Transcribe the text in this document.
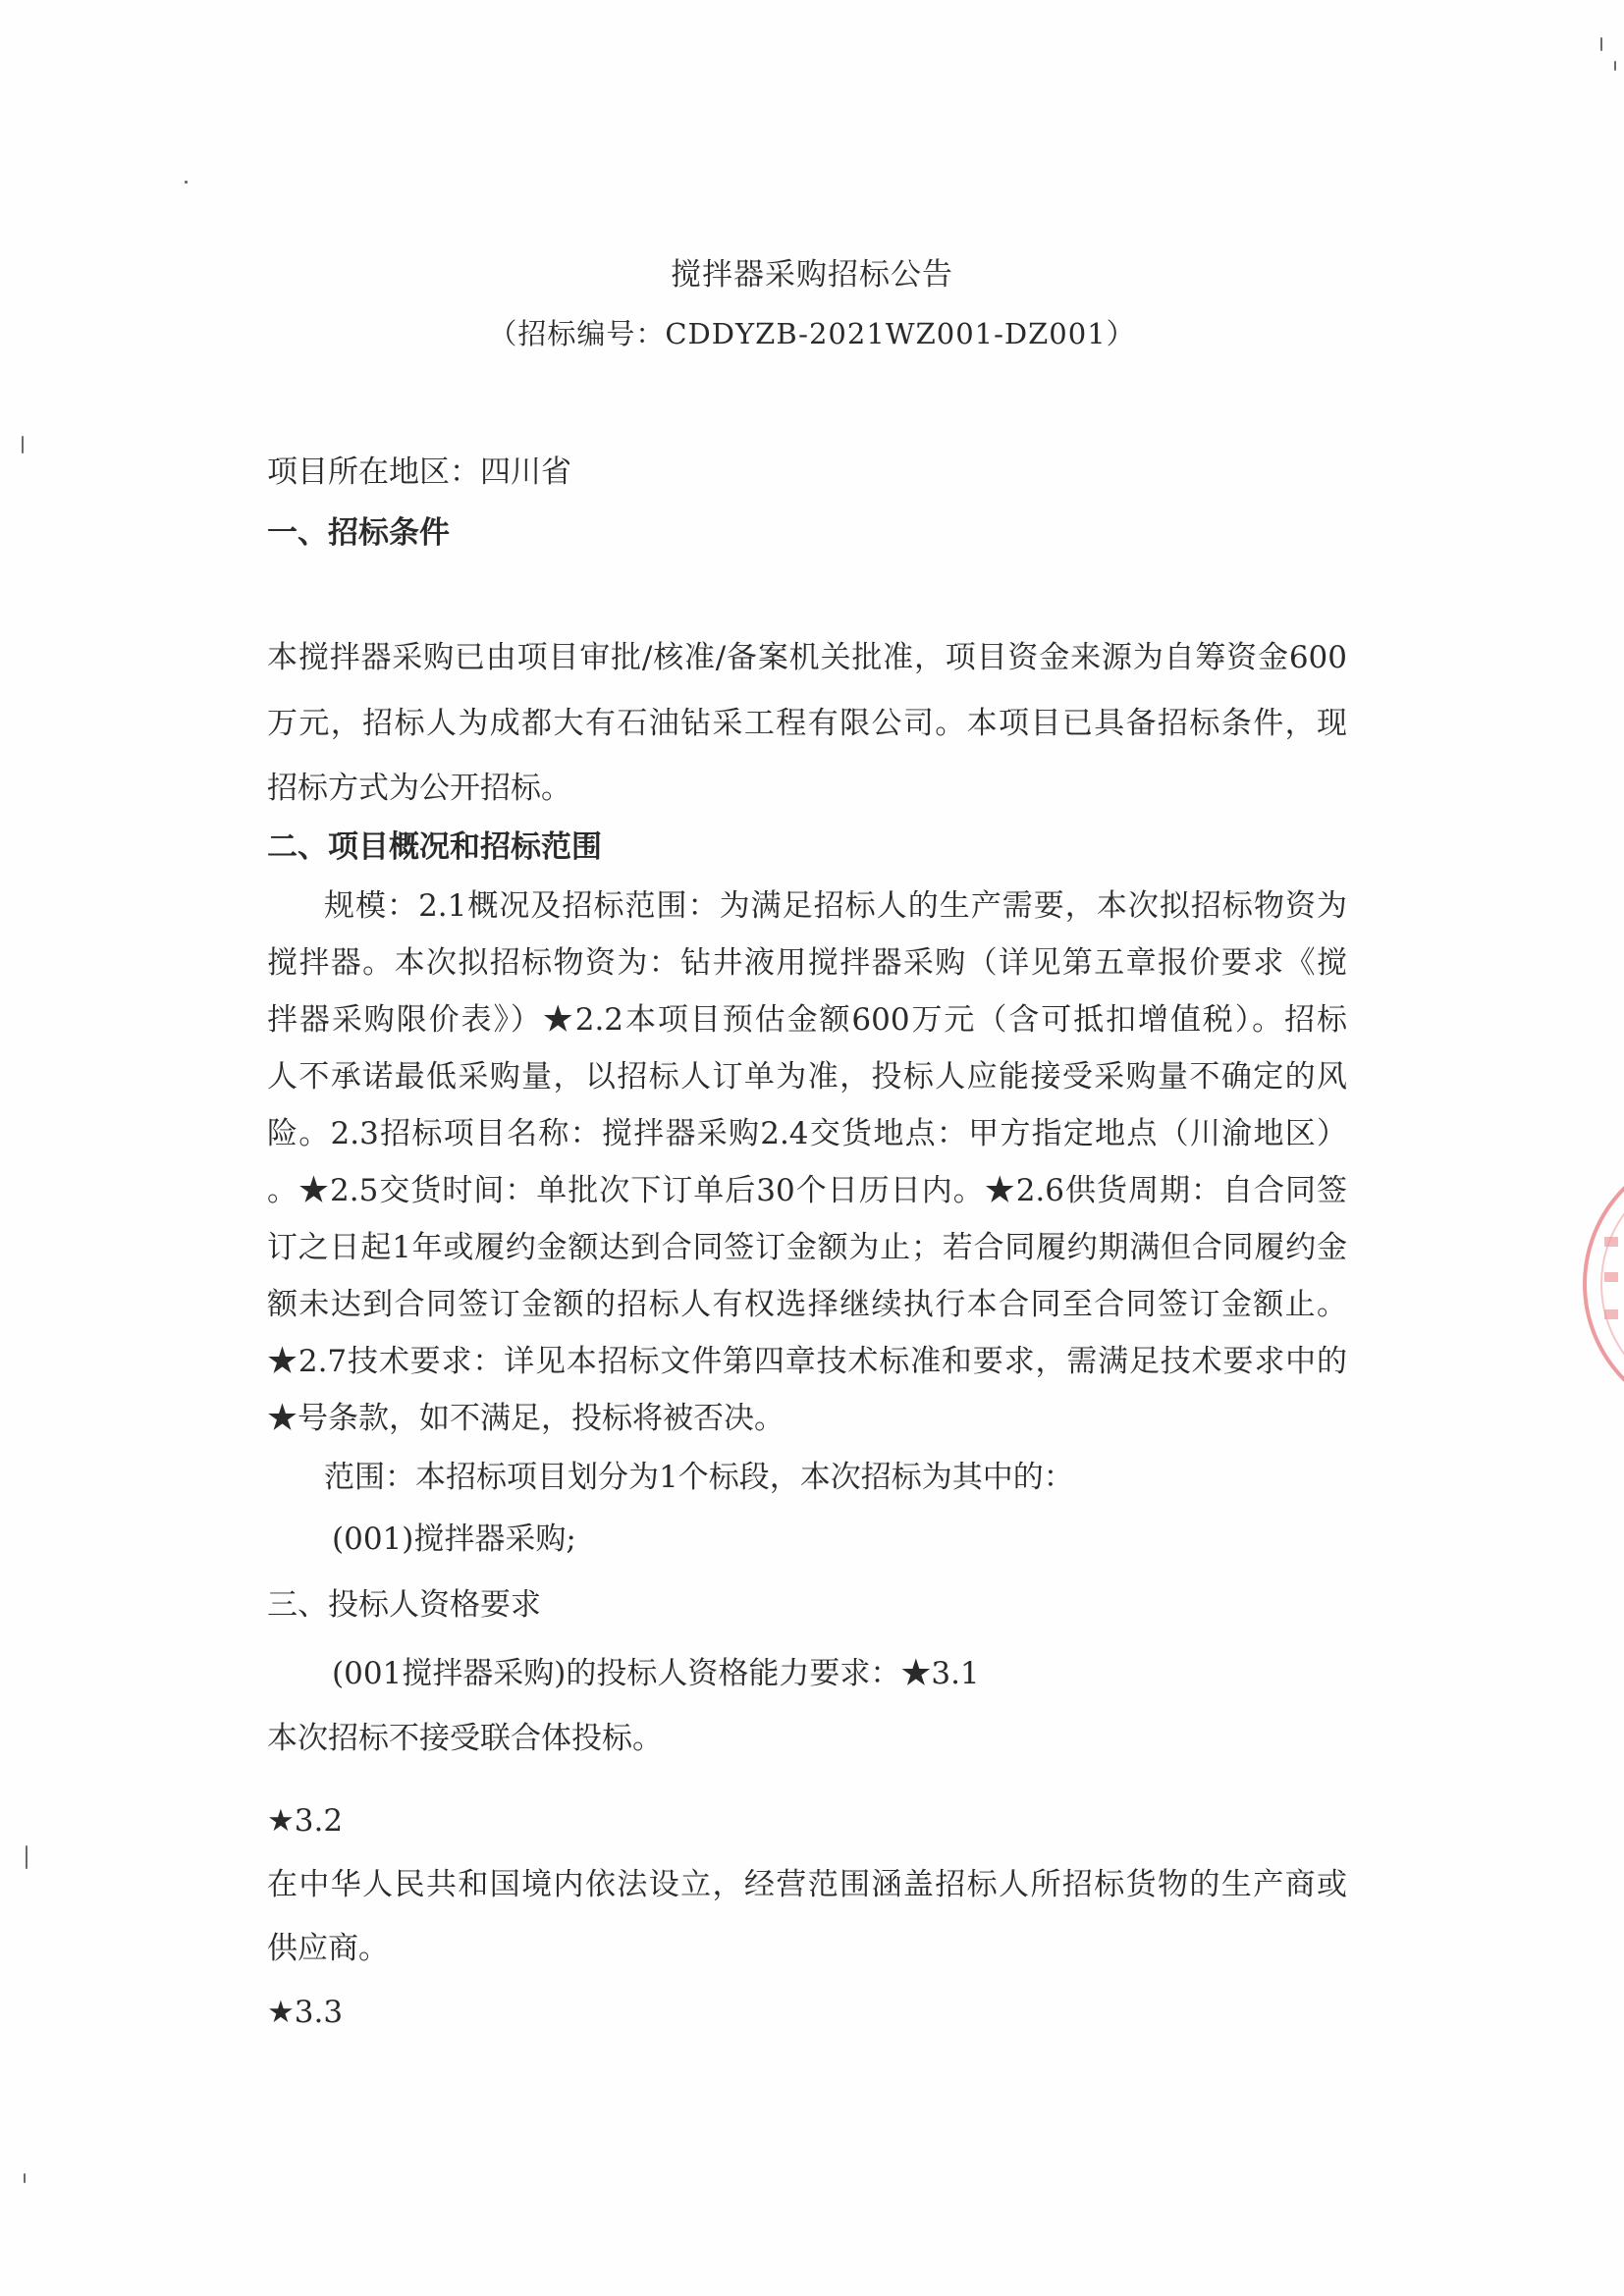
搅拌器采购招标公告
（招标编号：CDDYZB-2021WZ001-DZ001）
项目所在地区：四川省
一、招标条件
本搅拌器采购已由项目审批/核准/备案机关批准，项目资金来源为自筹资金600
万元，招标人为成都大有石油钻采工程有限公司。本项目已具备招标条件，现
招标方式为公开招标。
二、项目概况和招标范围
规模：2.1概况及招标范围：为满足招标人的生产需要，本次拟招标物资为
搅拌器。本次拟招标物资为：钻井液用搅拌器采购（详见第五章报价要求《搅
拌器采购限价表》）★2.2本项目预估金额600万元（含可抵扣增值税）。招标
人不承诺最低采购量，以招标人订单为准，投标人应能接受采购量不确定的风
险。2.3招标项目名称：搅拌器采购2.4交货地点：甲方指定地点（川渝地区）
。★2.5交货时间：单批次下订单后30个日历日内。★2.6供货周期：自合同签
订之日起1年或履约金额达到合同签订金额为止；若合同履约期满但合同履约金
额未达到合同签订金额的招标人有权选择继续执行本合同至合同签订金额止。
★2.7技术要求：详见本招标文件第四章技术标准和要求，需满足技术要求中的
★号条款，如不满足，投标将被否决。
范围：本招标项目划分为1个标段，本次招标为其中的：
(001)搅拌器采购;
三、投标人资格要求
(001搅拌器采购)的投标人资格能力要求：★3.1
本次招标不接受联合体投标。
★3.2
在中华人民共和国境内依法设立，经营范围涵盖招标人所招标货物的生产商或
供应商。
★3.3
